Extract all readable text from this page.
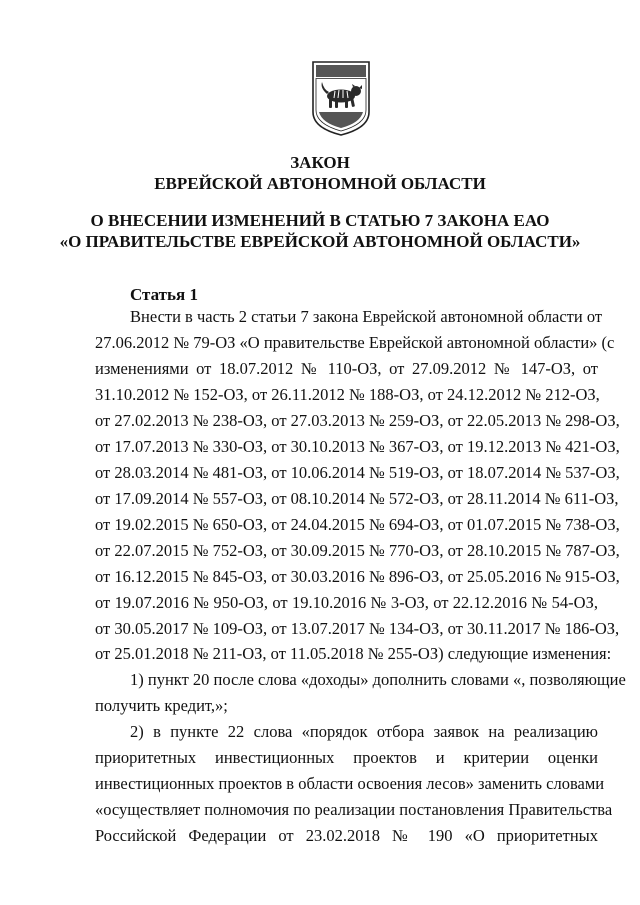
ЗАКОН
ЕВРЕЙСКОЙ АВТОНОМНОЙ ОБЛАСТИ
О ВНЕСЕНИИ ИЗМЕНЕНИЙ В СТАТЬЮ 7 ЗАКОНА ЕАО
«О ПРАВИТЕЛЬСТВЕ ЕВРЕЙСКОЙ АВТОНОМНОЙ ОБЛАСТИ»
Статья 1
Внести в часть 2 статьи 7 закона Еврейской автономной области от
27.06.2012 № 79-ОЗ «О правительстве Еврейской автономной области» (с
изменениями от 18.07.2012 № 110-ОЗ, от 27.09.2012 № 147-ОЗ, от
31.10.2012 № 152-ОЗ, от 26.11.2012 № 188-ОЗ, от 24.12.2012 № 212-ОЗ,
от 27.02.2013 № 238-ОЗ, от 27.03.2013 № 259-ОЗ, от 22.05.2013 № 298-ОЗ,
от 17.07.2013 № 330-ОЗ, от 30.10.2013 № 367-ОЗ, от 19.12.2013 № 421-ОЗ,
от 28.03.2014 № 481-ОЗ, от 10.06.2014 № 519-ОЗ, от 18.07.2014 № 537-ОЗ,
от 17.09.2014 № 557-ОЗ, от 08.10.2014 № 572-ОЗ, от 28.11.2014 № 611-ОЗ,
от 19.02.2015 № 650-ОЗ, от 24.04.2015 № 694-ОЗ, от 01.07.2015 № 738-ОЗ,
от 22.07.2015 № 752-ОЗ, от 30.09.2015 № 770-ОЗ, от 28.10.2015 № 787-ОЗ,
от 16.12.2015 № 845-ОЗ, от 30.03.2016 № 896-ОЗ, от 25.05.2016 № 915-ОЗ,
от 19.07.2016 № 950-ОЗ, от 19.10.2016 № 3-ОЗ, от 22.12.2016 № 54-ОЗ,
от 30.05.2017 № 109-ОЗ, от 13.07.2017 № 134-ОЗ, от 30.11.2017 № 186-ОЗ,
от 25.01.2018 № 211-ОЗ, от 11.05.2018 № 255-ОЗ) следующие изменения:
1) пункт 20 после слова «доходы» дополнить словами «, позволяющие
получить кредит,»;
2) в пункте 22 слова «порядок отбора заявок на реализацию
приоритетных инвестиционных проектов и критерии оценки
инвестиционных проектов в области освоения лесов» заменить словами
«осуществляет полномочия по реализации постановления Правительства
Российской Федерации от 23.02.2018 № 190 «О приоритетных
